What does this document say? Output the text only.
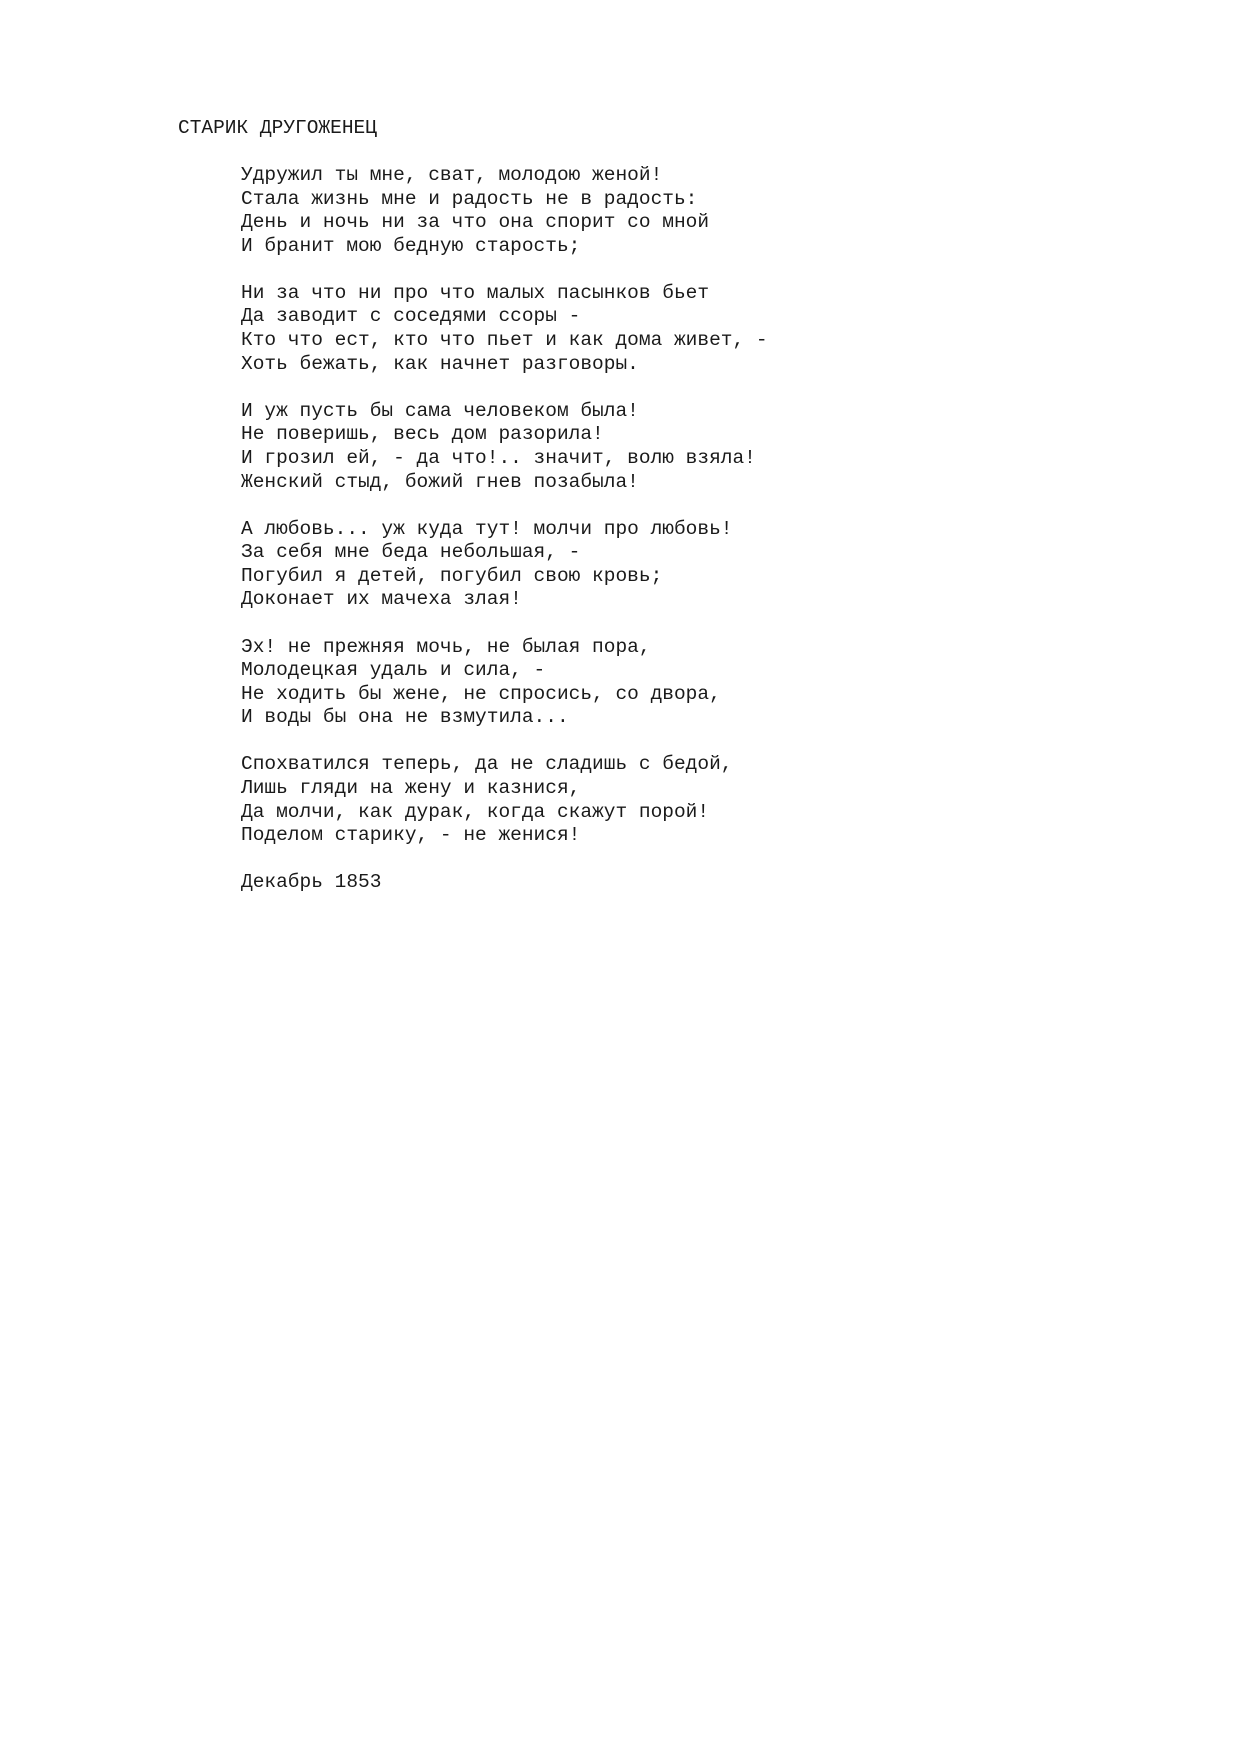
СТАРИК ДРУГОЖЕНЕЦ
Удружил ты мне, сват, молодою женой!
Стала жизнь мне и радость не в радость:
День и ночь ни за что она спорит со мной
И бранит мою бедную старость;
Ни за что ни про что малых пасынков бьет
Да заводит с соседями ссоры -
Кто что ест, кто что пьет и как дома живет, -
Хоть бежать, как начнет разговоры.
И уж пусть бы сама человеком была!
Не поверишь, весь дом разорила!
И грозил ей, - да что!.. значит, волю взяла!
Женский стыд, божий гнев позабыла!
А любовь... уж куда тут! молчи про любовь!
За себя мне беда небольшая, -
Погубил я детей, погубил свою кровь;
Доконает их мачеха злая!
Эх! не прежняя мочь, не былая пора,
Молодецкая удаль и сила, -
Не ходить бы жене, не спросись, со двора,
И воды бы она не взмутила...
Спохватился теперь, да не сладишь с бедой,
Лишь гляди на жену и казнися,
Да молчи, как дурак, когда скажут порой!
Поделом старику, - не женися!
Декабрь 1853
